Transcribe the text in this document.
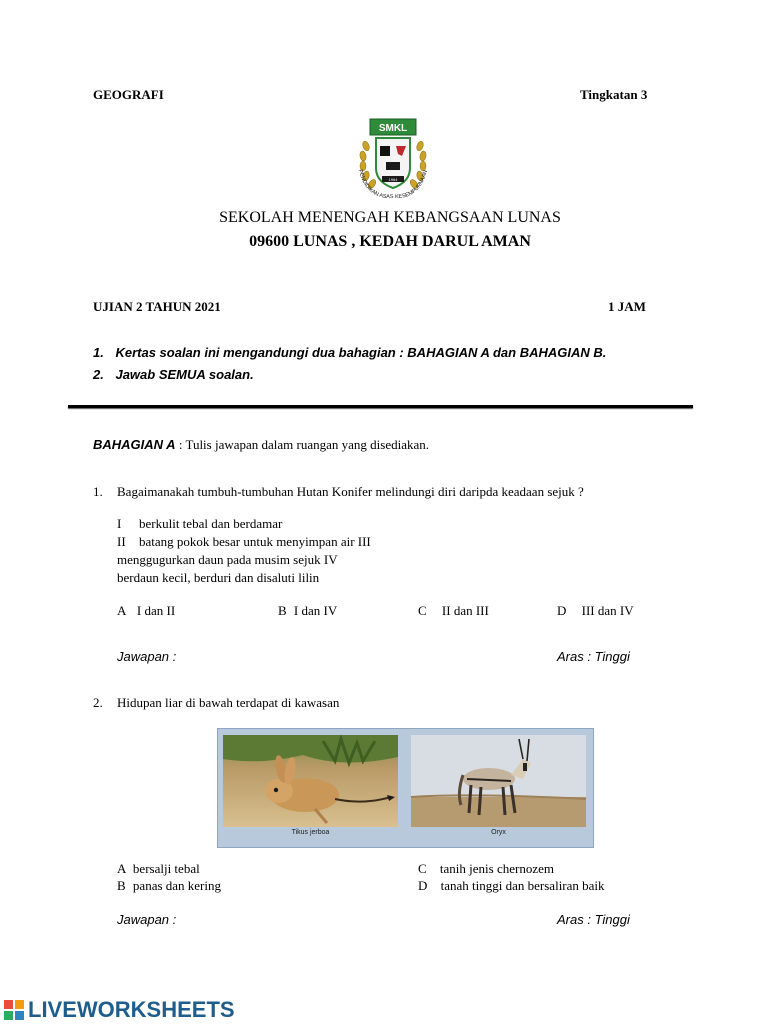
GEOGRAFI	Tingkatan 3
SMKL
1964
PENDIDIKAN ASAS KESEMPURNAAN
SEKOLAH MENENGAH KEBANGSAAN LUNAS
09600 LUNAS , KEDAH DARUL AMAN
UJIAN 2 TAHUN 2021	1 JAM
1. Kertas soalan ini mengandungi dua bahagian : BAHAGIAN A dan BAHAGIAN B.
2. Jawab SEMUA soalan.
BAHAGIAN A : Tulis jawapan dalam ruangan yang disediakan.
1. Bagaimanakah tumbuh-tumbuhan Hutan Konifer melindungi diri daripda keadaan sejuk ?
I	berkulit tebal dan berdamar
II	batang pokok besar untuk menyimpan air III
menggugurkan daun pada musim sejuk IV
berdaun kecil, berduri dan disaluti lilin
A I dan II	B I dan IV	C II dan III	D III dan IV
Jawapan :	Aras : Tinggi
2. Hidupan liar di bawah terdapat di kawasan
Tikus jerboa	Oryx
A bersalji tebal	C tanih jenis chernozem
B panas dan kering	D tanah tinggi dan bersaliran baik
Jawapan :	Aras : Tinggi
LIVEWORKSHEETS
